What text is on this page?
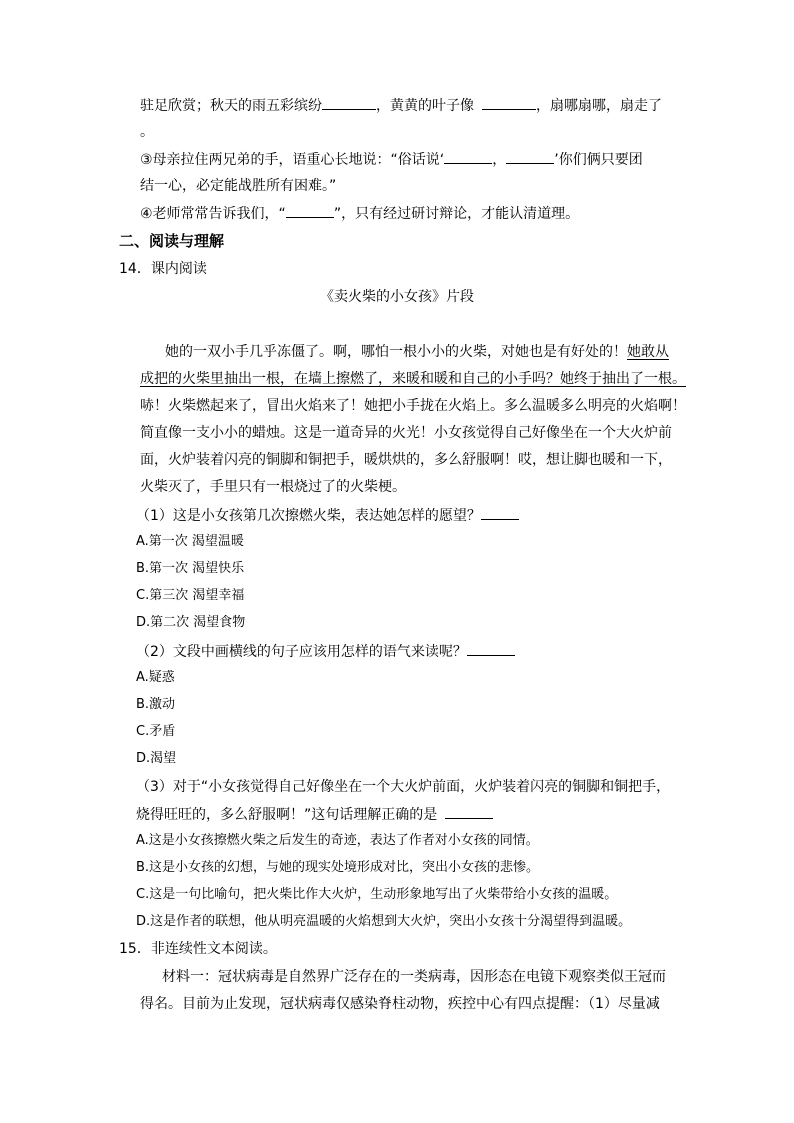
驻足欣赏；秋天的雨五彩缤纷	，黄黄的叶子像	，扇哪扇哪，扇走了
。
③母亲拉住两兄弟的手，语重心长地说：“俗话说‘	，	’你们俩只要团
结一心，必定能战胜所有困难。”
④老师常常告诉我们，“	”，只有经过研讨辩论，才能认清道理。
二、阅读与理解
14．课内阅读
《卖火柴的小女孩》片段
她的一双小手几乎冻僵了。啊，哪怕一根小小的火柴，对她也是有好处的！她敢从
成把的火柴里抽出一根，在墙上擦燃了，来暖和暖和自己的小手吗？她终于抽出了一根。
哧！火柴燃起来了，冒出火焰来了！她把小手拢在火焰上。多么温暖多么明亮的火焰啊！
简直像一支小小的蜡烛。这是一道奇异的火光！小女孩觉得自己好像坐在一个大火炉前
面，火炉装着闪亮的铜脚和铜把手，暖烘烘的，多么舒服啊！哎，想让脚也暖和一下，
火柴灭了，手里只有一根烧过了的火柴梗。
（1）这是小女孩第几次擦燃火柴，表达她怎样的愿望？
A.第一次 渴望温暖
B.第一次 渴望快乐
C.第三次 渴望幸福
D.第二次 渴望食物
（2）文段中画横线的句子应该用怎样的语气来读呢？
A.疑惑
B.激动
C.矛盾
D.渴望
（3）对于“小女孩觉得自己好像坐在一个大火炉前面，火炉装着闪亮的铜脚和铜把手，
烧得旺旺的，多么舒服啊！”这句话理解正确的是
A.这是小女孩擦燃火柴之后发生的奇迹，表达了作者对小女孩的同情。
B.这是小女孩的幻想，与她的现实处境形成对比，突出小女孩的悲惨。
C.这是一句比喻句，把火柴比作大火炉，生动形象地写出了火柴带给小女孩的温暖。
D.这是作者的联想，他从明亮温暖的火焰想到大火炉，突出小女孩十分渴望得到温暖。
15．非连续性文本阅读。
材料一：冠状病毒是自然界广泛存在的一类病毒，因形态在电镜下观察类似王冠而
得名。目前为止发现，冠状病毒仅感染脊柱动物，疾控中心有四点提醒：（1）尽量减
